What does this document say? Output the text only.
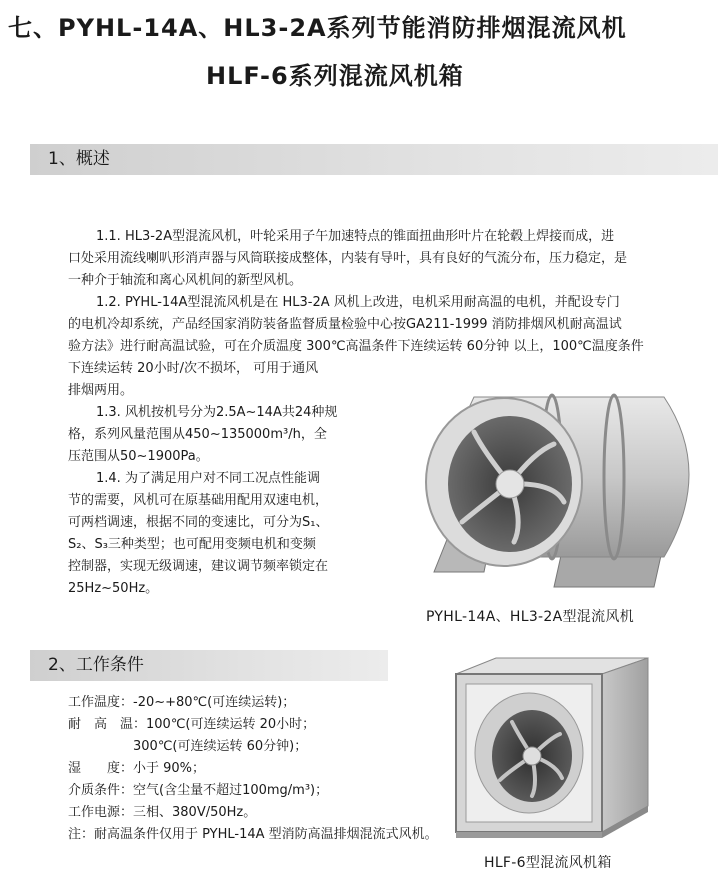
七、PYHL-14A、HL3-2A系列节能消防排烟混流风机
HLF-6系列混流风机箱
1、概述
1.1. HL3-2A型混流风机，叶轮采用子午加速特点的锥面扭曲形叶片在轮毂上焊接而成，进
口处采用流线喇叭形消声器与风筒联接成整体，内装有导叶，具有良好的气流分布，压力稳定，是
一种介于轴流和离心风机间的新型风机。
1.2. PYHL-14A型混流风机是在 HL3-2A 风机上改进，电机采用耐高温的电机，并配设专门
的电机冷却系统，产品经国家消防装备监督质量检验中心按GA211-1999 消防排烟风机耐高温试
验方法》进行耐高温试验，可在介质温度 300℃高温条件下连续运转 60分钟 以上，100℃温度条件
下连续运转 20小时/次不损坏， 可用于通风
排烟两用。
1.3. 风机按机号分为2.5A~14A共24种规
格，系列风量范围从450~135000m³/h，全
压范围从50~1900Pa。
1.4. 为了满足用户对不同工况点性能调
节的需要，风机可在原基础用配用双速电机，
可两档调速，根据不同的变速比，可分为S₁、
S₂、S₃三种类型；也可配用变频电机和变频
控制器，实现无级调速，建议调节频率锁定在
25Hz~50Hz。
PYHL-14A、HL3-2A型混流风机
2、工作条件
工作温度：-20~+80℃(可连续运转)；
耐　高　温：100℃(可连续运转 20小时；
　　　　　300℃(可连续运转 60分钟)；
湿　　度：小于 90%；
介质条件：空气(含尘量不超过100mg/m³)；
工作电源：三相、380V/50Hz。
注：耐高温条件仅用于 PYHL-14A 型消防高温排烟混流式风机。
HLF-6型混流风机箱
